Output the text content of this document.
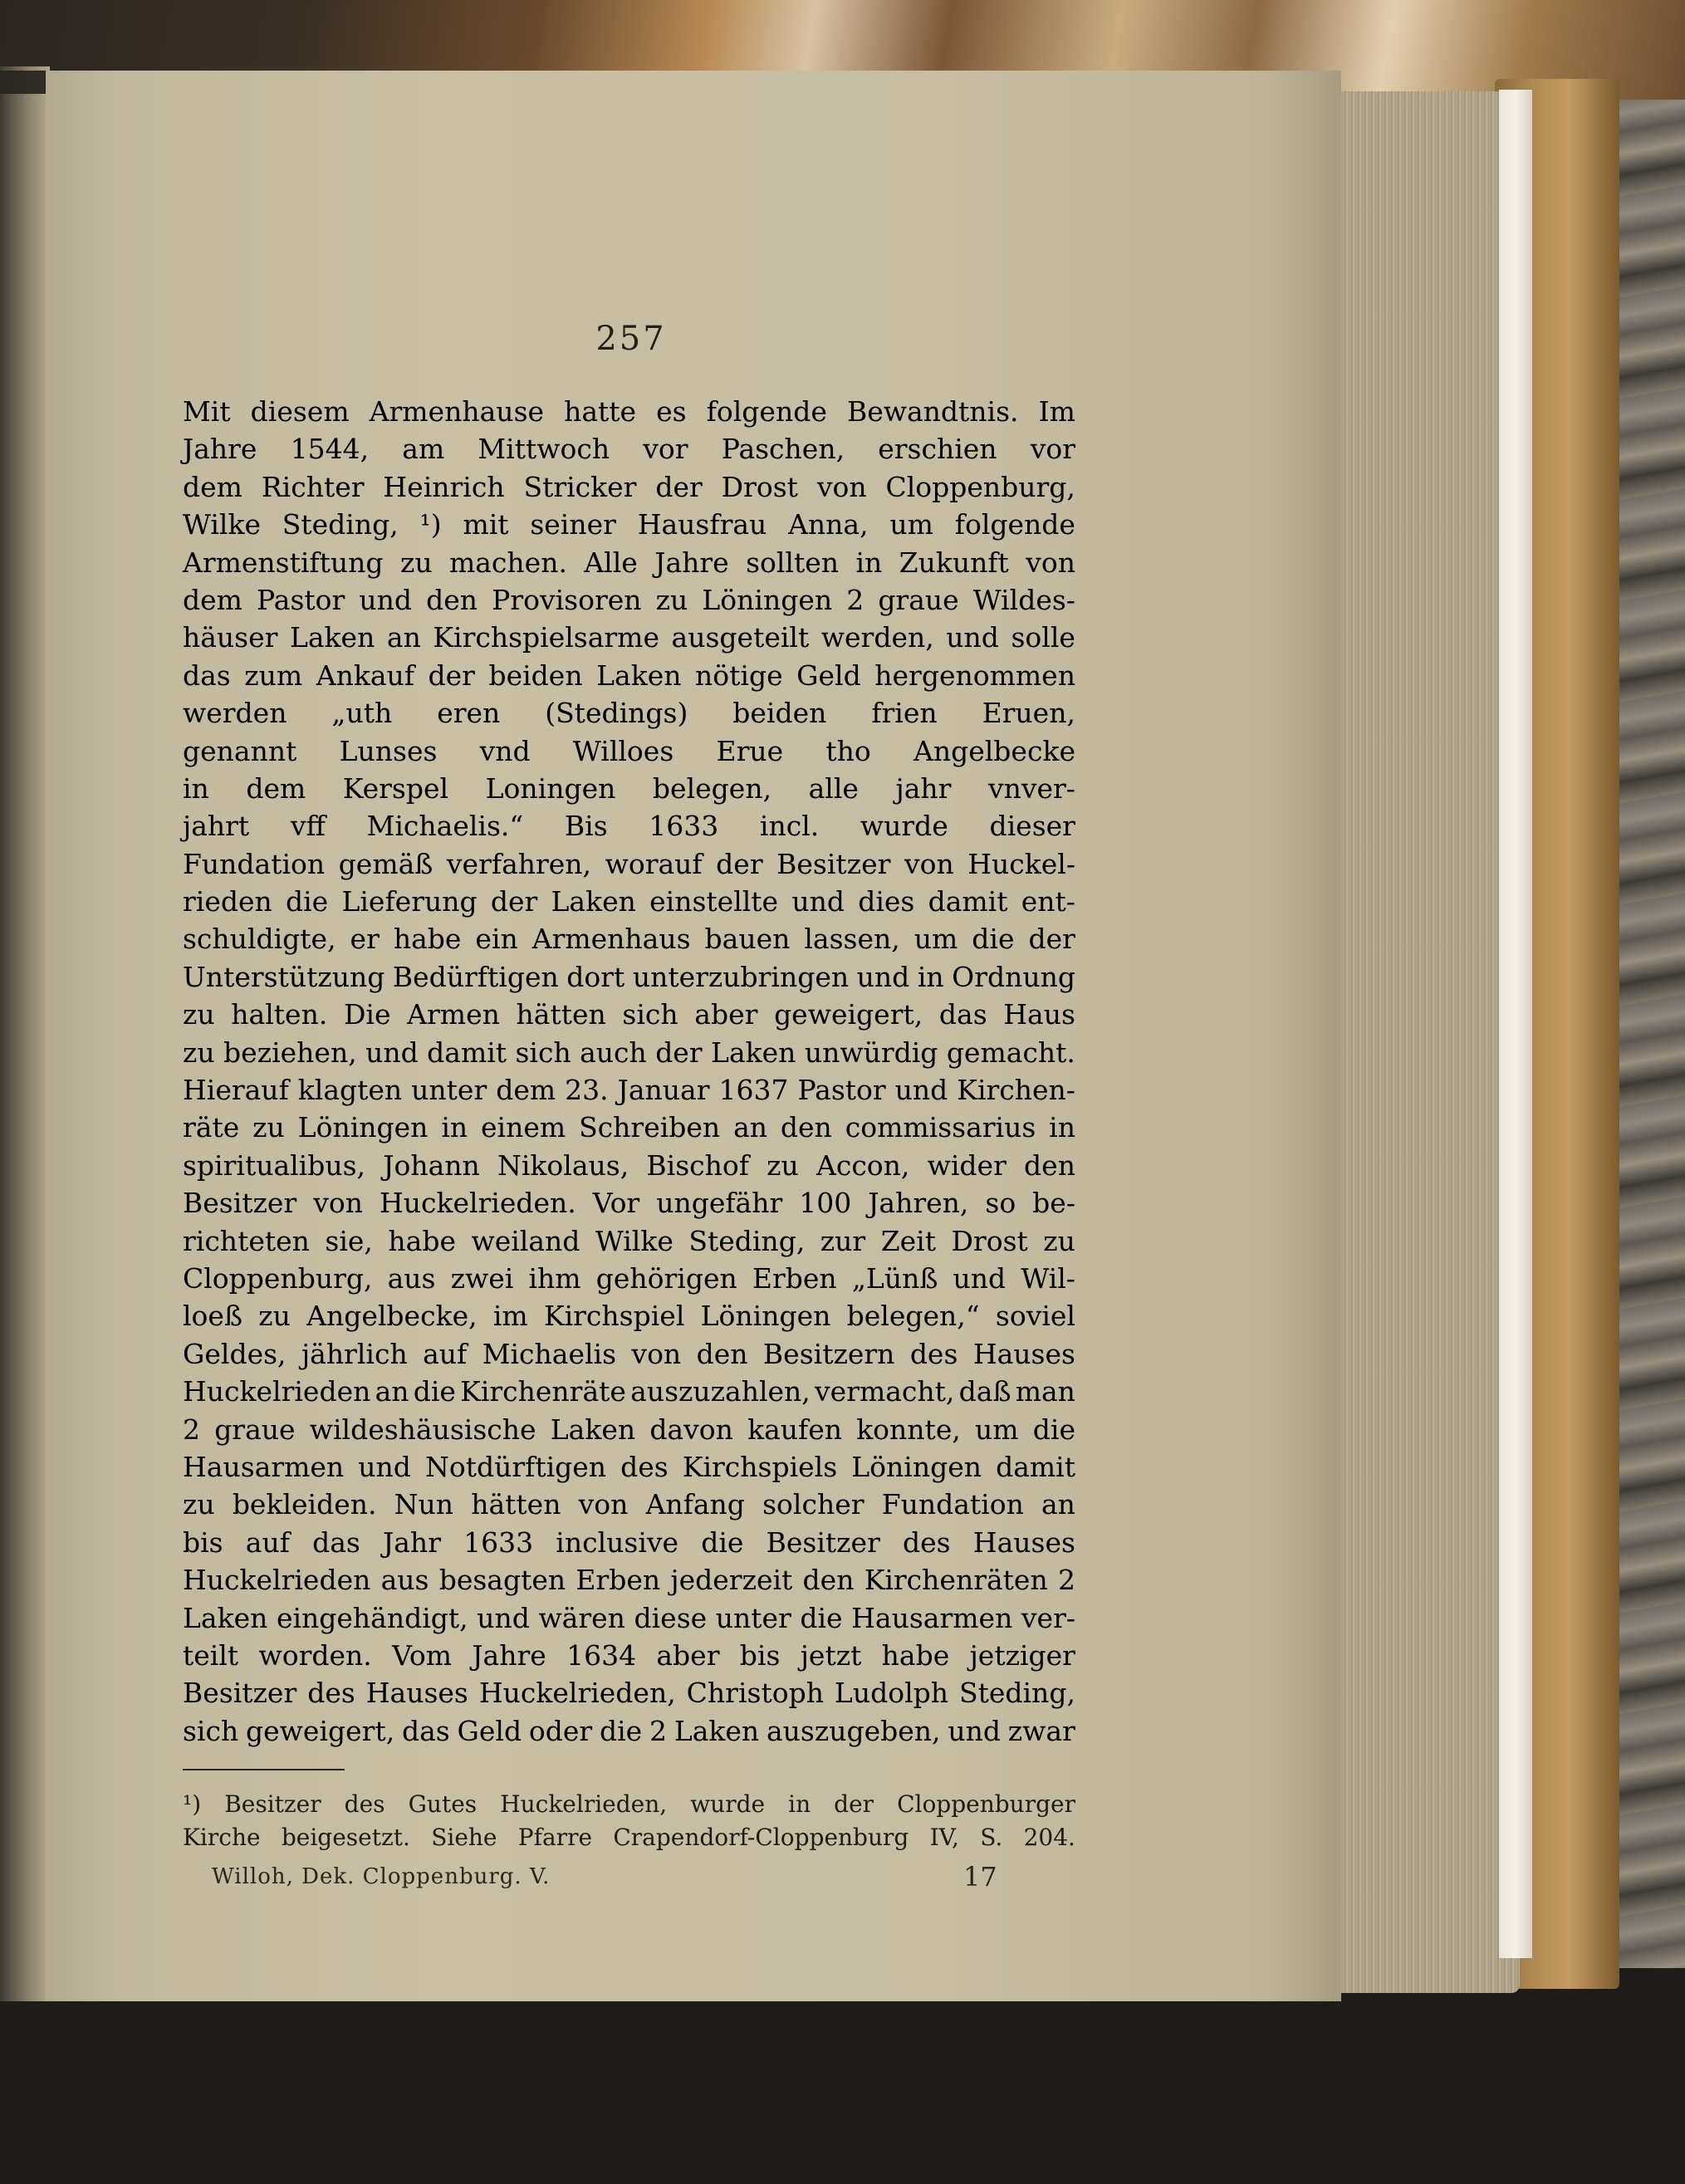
257
Mit diesem Armenhause hatte es folgende Bewandtnis. Im
Jahre 1544, am Mittwoch vor Paschen, erschien vor
dem Richter Heinrich Stricker der Drost von Cloppenburg,
Wilke Steding, ¹) mit seiner Hausfrau Anna, um folgende
Armenstiftung zu machen. Alle Jahre sollten in Zukunft von
dem Pastor und den Provisoren zu Löningen 2 graue Wildes-
häuser Laken an Kirchspielsarme ausgeteilt werden, und solle
das zum Ankauf der beiden Laken nötige Geld hergenommen
werden „uth eren (Stedings) beiden frien Eruen,
genannt Lunses vnd Willoes Erue tho Angelbecke
in dem Kerspel Loningen belegen, alle jahr vnver-
jahrt vff Michaelis.“ Bis 1633 incl. wurde dieser
Fundation gemäß verfahren, worauf der Besitzer von Huckel-
rieden die Lieferung der Laken einstellte und dies damit ent-
schuldigte, er habe ein Armenhaus bauen lassen, um die der
Unterstützung Bedürftigen dort unterzubringen und in Ordnung
zu halten. Die Armen hätten sich aber geweigert, das Haus
zu beziehen, und damit sich auch der Laken unwürdig gemacht.
Hierauf klagten unter dem 23. Januar 1637 Pastor und Kirchen-
räte zu Löningen in einem Schreiben an den commissarius in
spiritualibus, Johann Nikolaus, Bischof zu Accon, wider den
Besitzer von Huckelrieden. Vor ungefähr 100 Jahren, so be-
richteten sie, habe weiland Wilke Steding, zur Zeit Drost zu
Cloppenburg, aus zwei ihm gehörigen Erben „Lünß und Wil-
loeß zu Angelbecke, im Kirchspiel Löningen belegen,“ soviel
Geldes, jährlich auf Michaelis von den Besitzern des Hauses
Huckelrieden an die Kirchenräte auszuzahlen, vermacht, daß man
2 graue wildeshäusische Laken davon kaufen konnte, um die
Hausarmen und Notdürftigen des Kirchspiels Löningen damit
zu bekleiden. Nun hätten von Anfang solcher Fundation an
bis auf das Jahr 1633 inclusive die Besitzer des Hauses
Huckelrieden aus besagten Erben jederzeit den Kirchenräten 2
Laken eingehändigt, und wären diese unter die Hausarmen ver-
teilt worden. Vom Jahre 1634 aber bis jetzt habe jetziger
Besitzer des Hauses Huckelrieden, Christoph Ludolph Steding,
sich geweigert, das Geld oder die 2 Laken auszugeben, und zwar
¹) Besitzer des Gutes Huckelrieden, wurde in der Cloppenburger
Kirche beigesetzt. Siehe Pfarre Crapendorf-Cloppenburg IV, S. 204.
Willoh, Dek. Cloppenburg. V.	17
